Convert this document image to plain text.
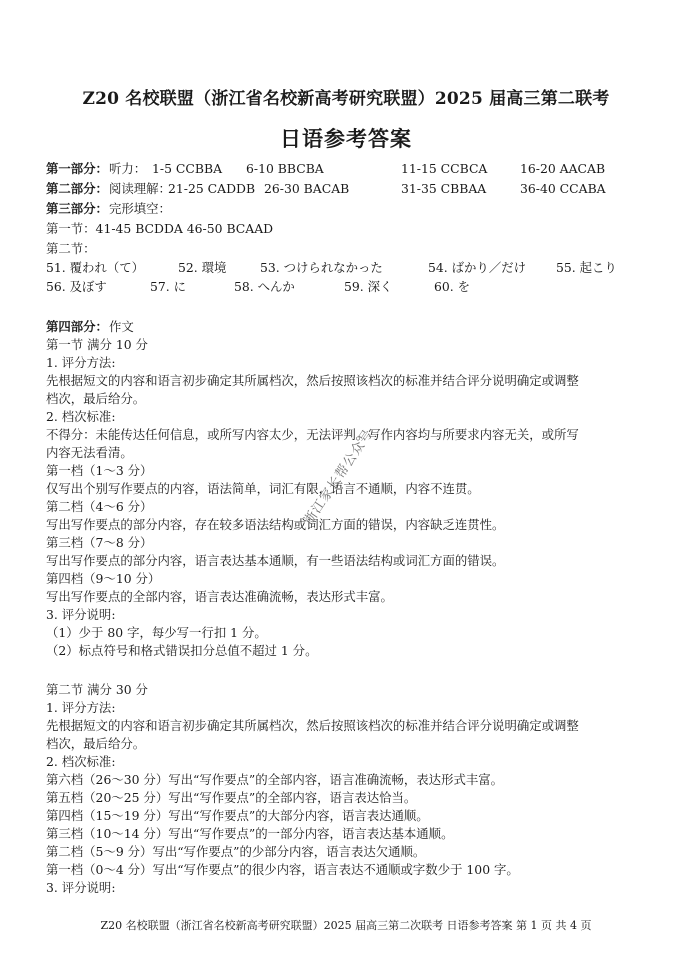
Z20 名校联盟（浙江省名校新高考研究联盟）2025 届高三第二联考
日语参考答案
第一部分： 听力： 1-5 CCBBA 6-10 BBCBA	11-15 CCBCA	16-20 AACAB
第二部分： 阅读理解：
21-25 CADDB 26-30 BACAB	31-35 CBBAA	36-40 CCABA
第三部分： 完形填空：
第一节：41-45 BCDDA 46-50 BCAAD
第二节：
51. 覆われ（て）	52. 環境	53. つけられなかった	54. ばかり／だけ 55. 起こり
56. 及ぼす	57. に	58. へんか	59. 深く	60. を
第四部分： 作文
第一节 满分 10 分
1. 评分方法:
先根据短文的内容和语言初步确定其所属档次，然后按照该档次的标准并结合评分说明确定或调整
档次，最后给分。
2. 档次标准:
不得分：未能传达任何信息，或所写内容太少，无法评判。写作内容均与所要求内容无关，或所写
内容无法看清。
第一档（1～3 分）
仅写出个别写作要点的内容，语法简单，词汇有限，语言不通顺，内容不连贯。
第二档（4～6 分）
写出写作要点的部分内容，存在较多语法结构或词汇方面的错误，内容缺乏连贯性。
第三档（7～8 分）
写出写作要点的部分内容，语言表达基本通顺，有一些语法结构或词汇方面的错误。
第四档（9～10 分）
写出写作要点的全部内容，语言表达准确流畅，表达形式丰富。
3. 评分说明:
（1）少于 80 字，每少写一行扣 1 分。
（2）标点符号和格式错误扣分总值不超过 1 分。
第二节 满分 30 分
1. 评分方法:
先根据短文的内容和语言初步确定其所属档次，然后按照该档次的标准并结合评分说明确定或调整
档次，最后给分。
2. 档次标准:
第六档（26～30 分）写出“写作要点”的全部内容，语言准确流畅，表达形式丰富。
第五档（20～25 分）写出“写作要点”的全部内容，语言表达恰当。
第四档（15～19 分）写出“写作要点”的大部分内容，语言表达通顺。
第三档（10～14 分）写出“写作要点”的一部分内容，语言表达基本通顺。
第二档（5～9 分）写出“写作要点”的少部分内容，语言表达欠通顺。
第一档（0～4 分）写出“写作要点”的很少内容，语言表达不通顺或字数少于 100 字。
3. 评分说明:
浙江家长帮公众号
Z20 名校联盟（浙江省名校新高考研究联盟）2025 届高三第二次联考 日语参考答案 第 1 页 共 4 页
